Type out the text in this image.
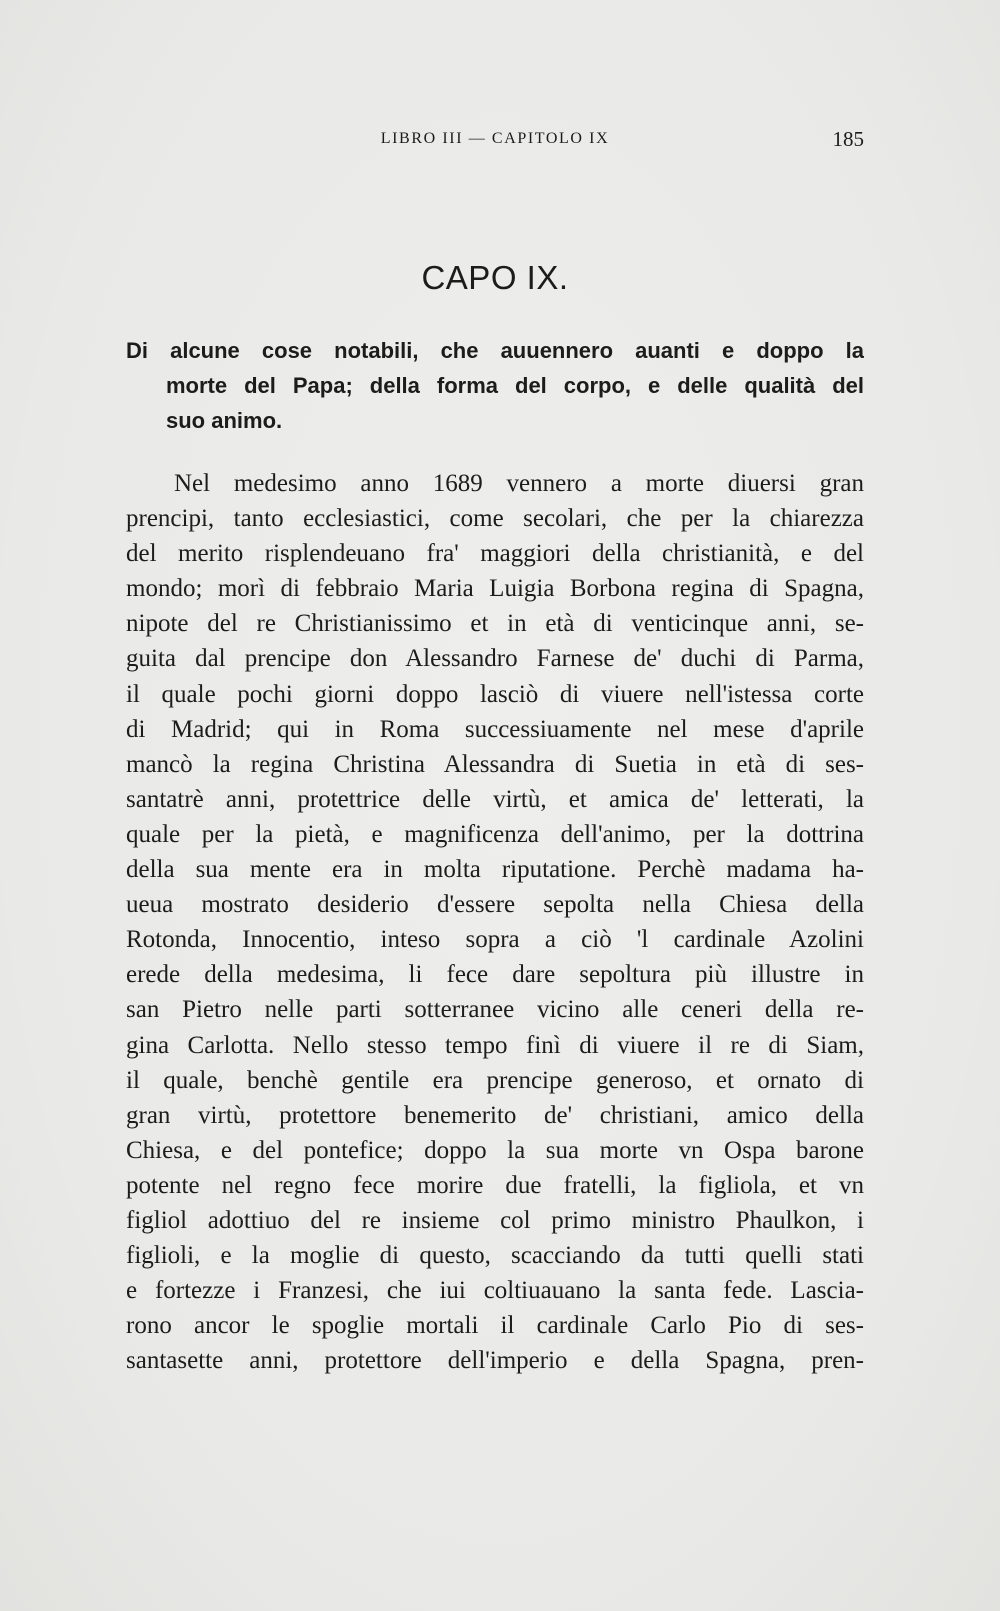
LIBRO III — CAPITOLO IX	185
CAPO IX.
Di alcune cose notabili, che auuennero auanti e doppo la
morte del Papa; della forma del corpo, e delle qualità del
suo animo.
Nel medesimo anno 1689 vennero a morte diuersi gran
prencipi, tanto ecclesiastici, come secolari, che per la chiarezza
del merito risplendeuano fra' maggiori della christianità, e del
mondo; morì di febbraio Maria Luigia Borbona regina di Spagna,
nipote del re Christianissimo et in età di venticinque anni, se-
guita dal prencipe don Alessandro Farnese de' duchi di Parma,
il quale pochi giorni doppo lasciò di viuere nell'istessa corte
di Madrid; qui in Roma successiuamente nel mese d'aprile
mancò la regina Christina Alessandra di Suetia in età di ses-
santatrè anni, protettrice delle virtù, et amica de' letterati, la
quale per la pietà, e magnificenza dell'animo, per la dottrina
della sua mente era in molta riputatione. Perchè madama ha-
ueua mostrato desiderio d'essere sepolta nella Chiesa della
Rotonda, Innocentio, inteso sopra a ciò 'l cardinale Azolini
erede della medesima, li fece dare sepoltura più illustre in
san Pietro nelle parti sotterranee vicino alle ceneri della re-
gina Carlotta. Nello stesso tempo finì di viuere il re di Siam,
il quale, benchè gentile era prencipe generoso, et ornato di
gran virtù, protettore benemerito de' christiani, amico della
Chiesa, e del pontefice; doppo la sua morte vn Ospa barone
potente nel regno fece morire due fratelli, la figliola, et vn
figliol adottiuo del re insieme col primo ministro Phaulkon, i
figlioli, e la moglie di questo, scacciando da tutti quelli stati
e fortezze i Franzesi, che iui coltiuauano la santa fede. Lascia-
rono ancor le spoglie mortali il cardinale Carlo Pio di ses-
santasette anni, protettore dell'imperio e della Spagna, pren-
